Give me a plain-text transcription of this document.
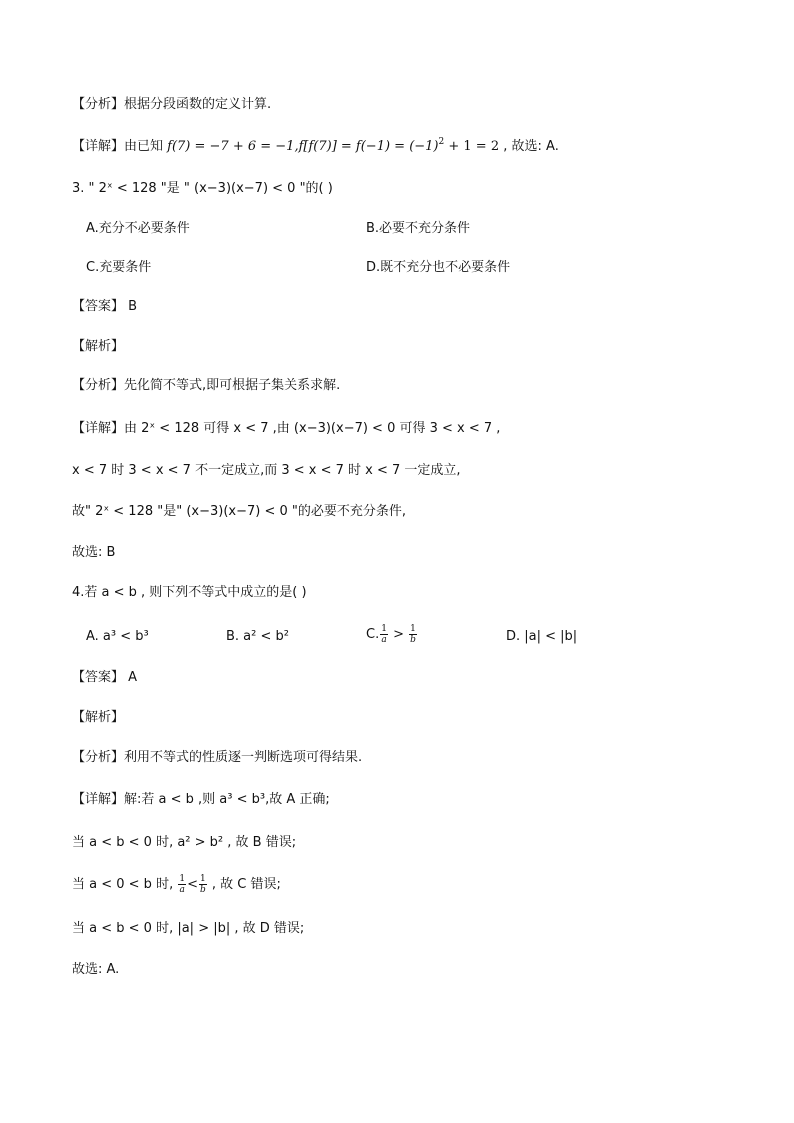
【分析】根据分段函数的定义计算.
【详解】由已知 $f(7) = -7 + 6 = -1,f[f(7)] = f(-1) = (-1)^2 + 1 = 2$ , 故选: A.
3. " 2ˣ < 128 "是 " (x−3)(x−7) < 0 "的( )
A.充分不必要条件	B.必要不充分条件
C.充要条件	D.既不充分也不必要条件
【答案】 B
【解析】
【分析】先化简不等式,即可根据子集关系求解.
【详解】由 2ˣ < 128 可得 x < 7 ,由 (x−3)(x−7) < 0 可得 3 < x < 7 ,
x < 7 时 3 < x < 7 不一定成立,而 3 < x < 7 时 x < 7 一定成立,
故" 2ˣ < 128 "是" (x−3)(x−7) < 0 "的必要不充分条件,
故选: B
4.若 a < b , 则下列不等式中成立的是( )
A. a³ < b³	B. a² < b²	C. $\frac{1}{a} > \frac{1}{b}$	D. |a| < |b|
【答案】 A
【解析】
【分析】利用不等式的性质逐一判断选项可得结果.
【详解】解:若 a < b ,则 a³ < b³,故 A 正确;
当 a < b < 0 时, a² > b² , 故 B 错误;
当 a < 0 < b 时, $\frac{1}{a} < \frac{1}{b}$ , 故 C 错误;
当 a < b < 0 时, |a| > |b| , 故 D 错误;
故选: A.
